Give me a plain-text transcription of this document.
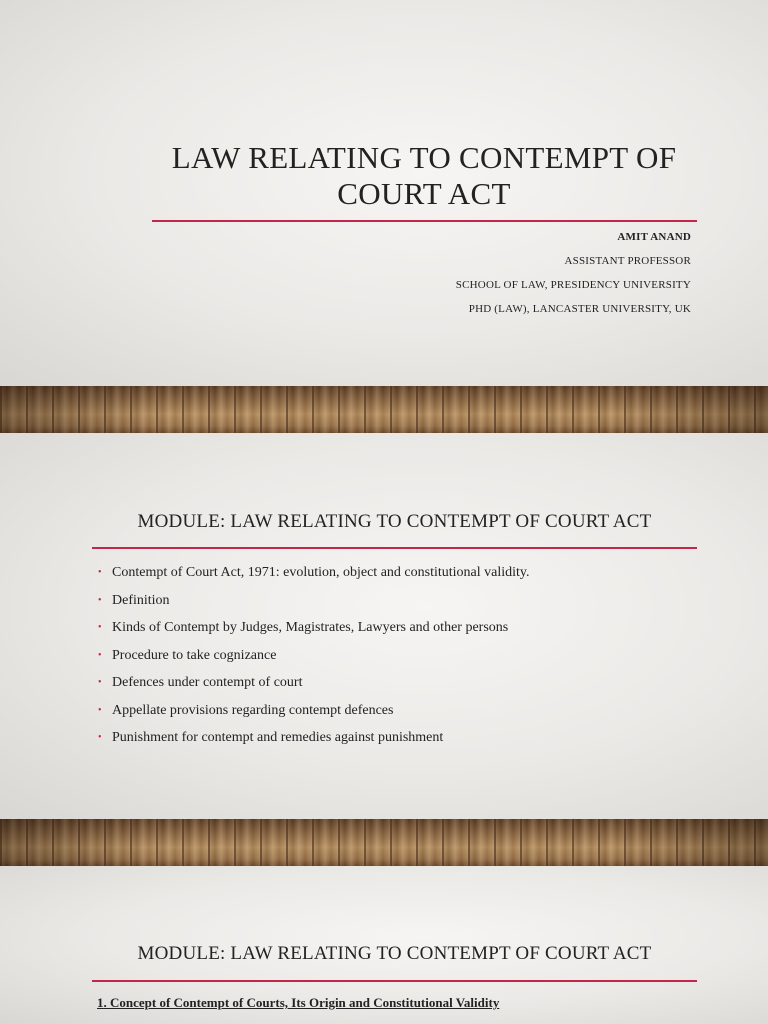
LAW RELATING TO CONTEMPT OF
COURT ACT
AMIT ANAND
ASSISTANT PROFESSOR
SCHOOL OF LAW, PRESIDENCY UNIVERSITY
PHD (LAW), LANCASTER UNIVERSITY, UK
MODULE: LAW RELATING TO CONTEMPT OF COURT ACT
• Contempt of Court Act, 1971: evolution, object and constitutional validity.
• Definition
• Kinds of Contempt by Judges, Magistrates, Lawyers and other persons
• Procedure to take cognizance
• Defences under contempt of court
• Appellate provisions regarding contempt defences
• Punishment for contempt and remedies against punishment
MODULE: LAW RELATING TO CONTEMPT OF COURT ACT
1. Concept of Contempt of Courts, Its Origin and Constitutional Validity
